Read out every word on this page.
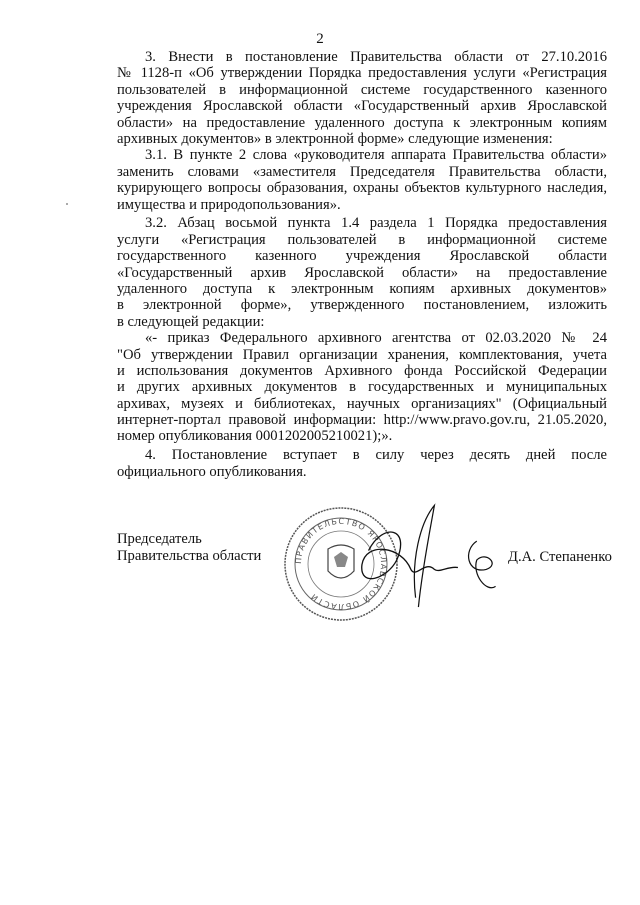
2
3. Внести в постановление Правительства области от 27.10.2016
№ 1128-п «Об утверждении Порядка предоставления услуги «Регистрация
пользователей в информационной системе государственного казенного
учреждения Ярославской области «Государственный архив Ярославской
области» на предоставление удаленного доступа к электронным копиям
архивных документов» в электронной форме» следующие изменения:
3.1. В пункте 2 слова «руководителя аппарата Правительства области»
заменить словами «заместителя Председателя Правительства области,
курирующего вопросы образования, охраны объектов культурного наследия,
имущества и природопользования».
3.2. Абзац восьмой пункта 1.4 раздела 1 Порядка предоставления
услуги «Регистрация пользователей в информационной системе
государственного казенного учреждения Ярославской области
«Государственный архив Ярославской области» на предоставление
удаленного доступа к электронным копиям архивных документов»
в электронной форме», утвержденного постановлением, изложить
в следующей редакции:
«- приказ Федерального архивного агентства от 02.03.2020 № 24
"Об утверждении Правил организации хранения, комплектования, учета
и использования документов Архивного фонда Российской Федерации
и других архивных документов в государственных и муниципальных
архивах, музеях и библиотеках, научных организациях" (Официальный
интернет-портал правовой информации: http://www.pravo.gov.ru, 21.05.2020,
номер опубликования 0001202005210021);».
4. Постановление вступает в силу через десять дней после
официального опубликования.
ПРАВИТЕЛЬСТВО ЯРОСЛАВСКОЙ ОБЛАСТИ
Председатель
Правительства области	Д.А. Степаненко
